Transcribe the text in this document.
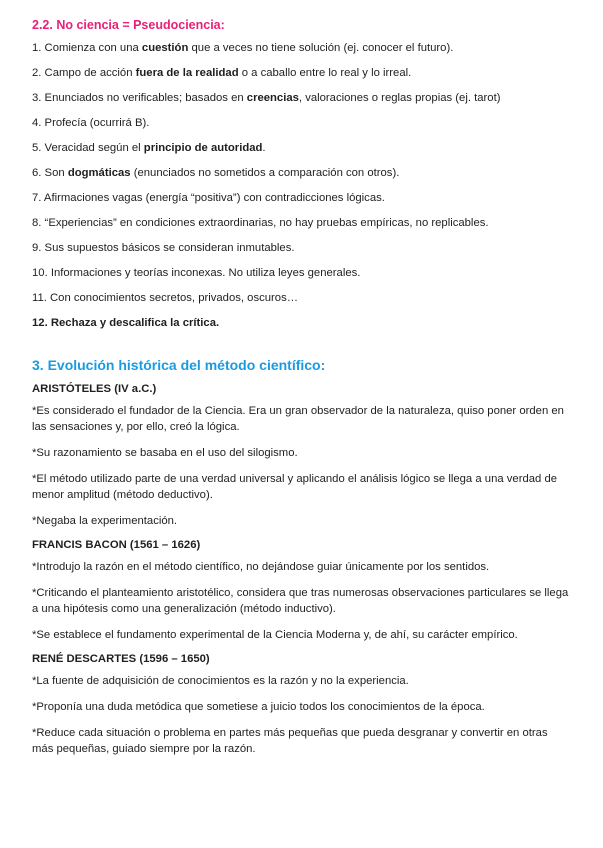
2.2. No ciencia = Pseudociencia:
1. Comienza con una cuestión que a veces no tiene solución (ej. conocer el futuro).
2. Campo de acción fuera de la realidad o a caballo entre lo real y lo irreal.
3. Enunciados no verificables; basados en creencias, valoraciones o reglas propias (ej. tarot)
4. Profecía (ocurrirá B).
5. Veracidad según el principio de autoridad.
6. Son dogmáticas (enunciados no sometidos a comparación con otros).
7. Afirmaciones vagas (energía “positiva”) con contradicciones lógicas.
8. “Experiencias” en condiciones extraordinarias, no hay pruebas empíricas, no replicables.
9. Sus supuestos básicos se consideran inmutables.
10. Informaciones y teorías inconexas. No utiliza leyes generales.
11. Con conocimientos secretos, privados, oscuros…
12. Rechaza y descalifica la crítica.
3. Evolución histórica del método científico:
ARISTÓTELES (IV a.C.)

*Es considerado el fundador de la Ciencia. Era un gran observador de la naturaleza, quiso poner orden en las sensaciones y, por ello, creó la lógica.

*Su razonamiento se basaba en el uso del silogismo.

*El método utilizado parte de una verdad universal y aplicando el análisis lógico se llega a una verdad de menor amplitud (método deductivo).

*Negaba la experimentación.

FRANCIS BACON (1561 – 1626)

*Introdujo la razón en el método científico, no dejándose guiar únicamente por los sentidos.

*Criticando el planteamiento aristotélico, considera que tras numerosas observaciones particulares se llega a una hipótesis como una generalización (método inductivo).

*Se establece el fundamento experimental de la Ciencia Moderna y, de ahí, su carácter empírico.

RENÉ DESCARTES (1596 – 1650)

*La fuente de adquisición de conocimientos es la razón y no la experiencia.

*Proponía una duda metódica que sometiese a juicio todos los conocimientos de la época.

*Reduce cada situación o problema en partes más pequeñas que pueda desgranar y convertir en otras más pequeñas, guiado siempre por la razón.
